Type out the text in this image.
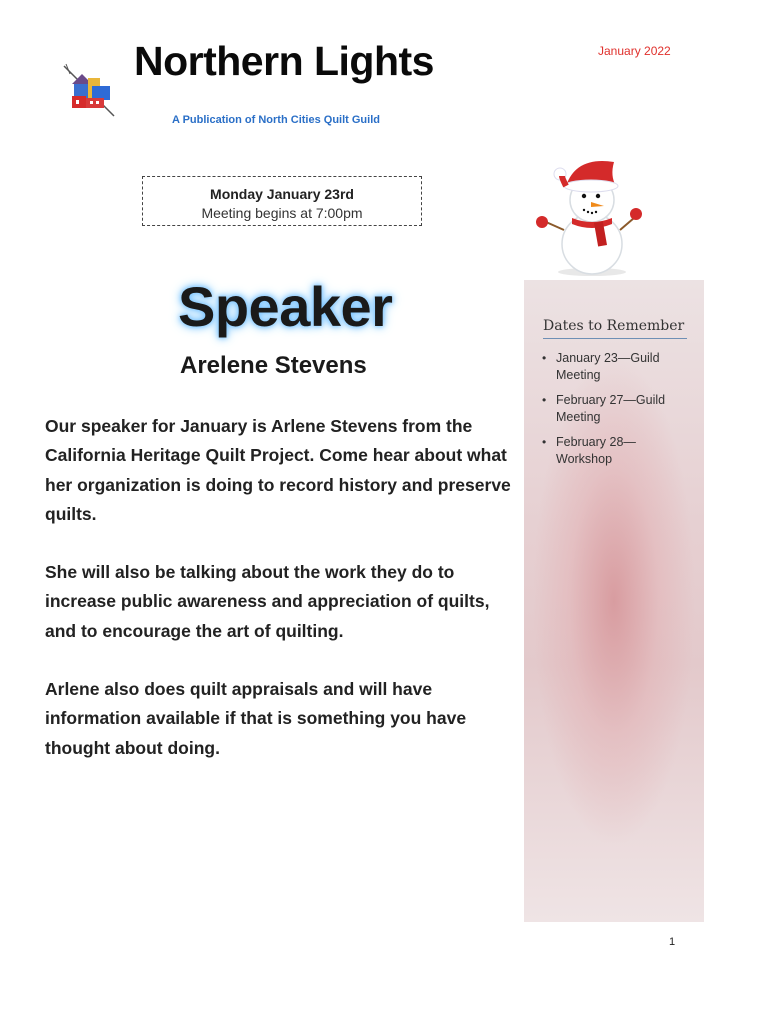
Northern Lights	January 2022
A Publication of North Cities Quilt Guild
Monday January 23rd
Meeting begins at 7:00pm
Speaker
Arelene Stevens

Our speaker for January is Arlene Stevens from the California Heritage Quilt Project. Come hear about what her organization is doing to record history and preserve quilts.

She will also be talking about the work they do to increase public awareness and appreciation of quilts, and to encourage the art of quilting.

Arlene also does quilt appraisals and will have information available if that is something you have thought about doing.

Dates to Remember
• January 23—Guild Meeting
• February 27—Guild Meeting
• February 28— Workshop
1
